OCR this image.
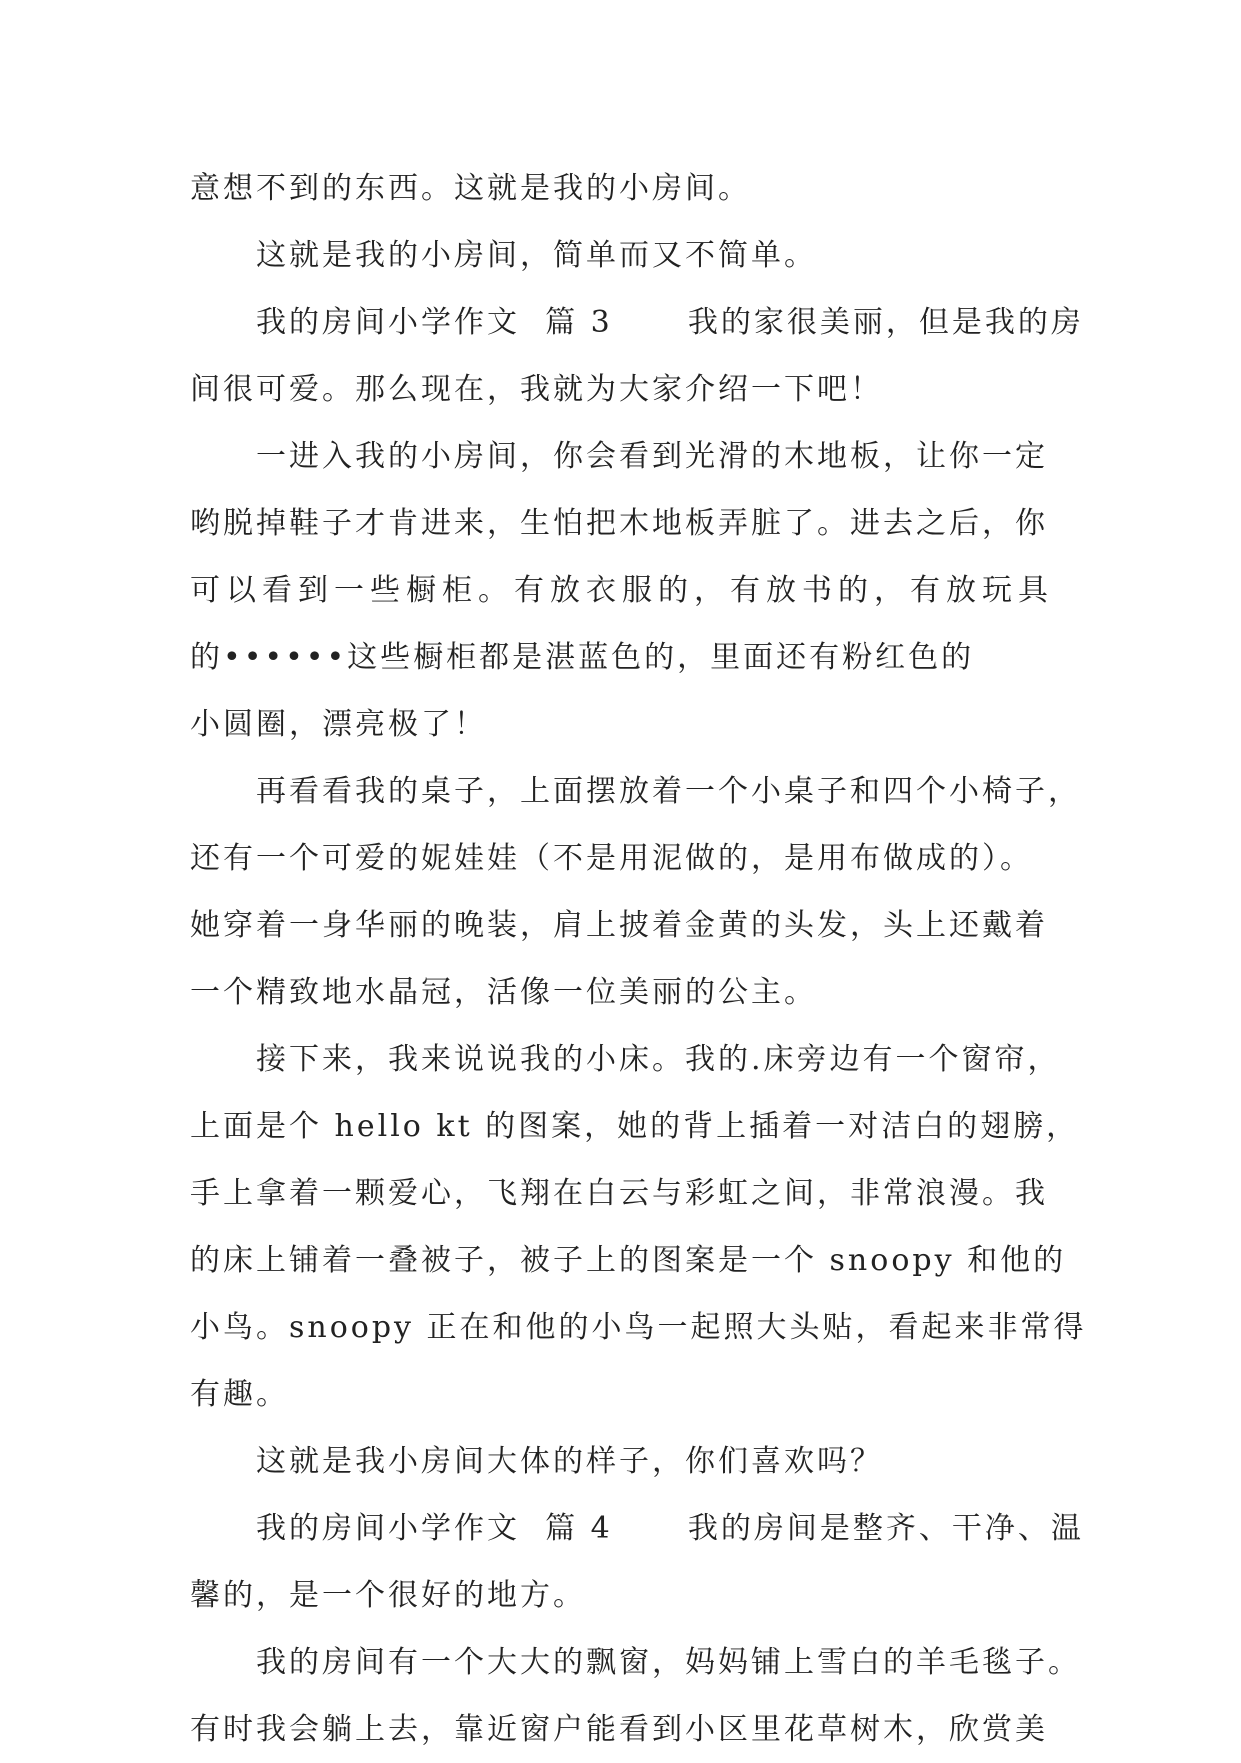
意想不到的东西。这就是我的小房间。
这就是我的小房间，简单而又不简单。
我的房间小学作文  篇 3      我的家很美丽，但是我的房
间很可爱。那么现在，我就为大家介绍一下吧！
一进入我的小房间，你会看到光滑的木地板，让你一定
哟脱掉鞋子才肯进来，生怕把木地板弄脏了。进去之后，你
可以看到一些橱柜。有放衣服的，有放书的，有放玩具
的••••••这些橱柜都是湛蓝色的，里面还有粉红色的
小圆圈，漂亮极了！
再看看我的桌子，上面摆放着一个小桌子和四个小椅子，
还有一个可爱的妮娃娃（不是用泥做的，是用布做成的）。
她穿着一身华丽的晚装，肩上披着金黄的头发，头上还戴着
一个精致地水晶冠，活像一位美丽的公主。
接下来，我来说说我的小床。我的.床旁边有一个窗帘，
上面是个 hello kt 的图案，她的背上插着一对洁白的翅膀，
手上拿着一颗爱心，飞翔在白云与彩虹之间，非常浪漫。我
的床上铺着一叠被子，被子上的图案是一个 snoopy 和他的
小鸟。snoopy 正在和他的小鸟一起照大头贴，看起来非常得
有趣。
这就是我小房间大体的样子，你们喜欢吗？
我的房间小学作文  篇 4      我的房间是整齐、干净、温
馨的，是一个很好的地方。
我的房间有一个大大的飘窗，妈妈铺上雪白的羊毛毯子。
有时我会躺上去，靠近窗户能看到小区里花草树木，欣赏美
